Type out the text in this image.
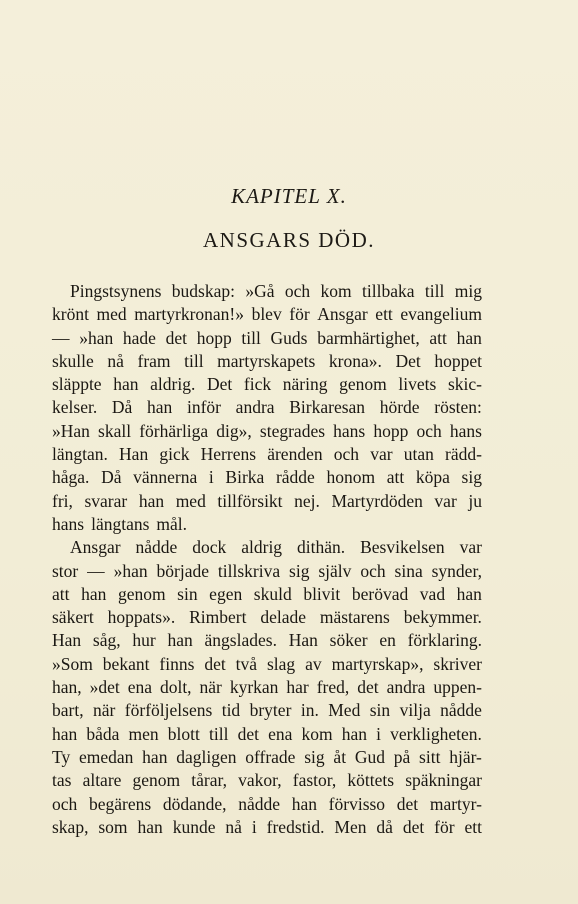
KAPITEL X.
ANSGARS DÖD.
Pingstsynens budskap: »Gå och kom tillbaka till mig
krönt med martyrkronan!» blev för Ansgar ett evangelium
— »han hade det hopp till Guds barmhärtighet, att han
skulle nå fram till martyrskapets krona». Det hoppet
släppte han aldrig. Det fick näring genom livets skic-
kelser. Då han inför andra Birkaresan hörde rösten:
»Han skall förhärliga dig», stegrades hans hopp och hans
längtan. Han gick Herrens ärenden och var utan rädd-
håga. Då vännerna i Birka rådde honom att köpa sig
fri, svarar han med tillförsikt nej. Martyrdöden var ju
hans längtans mål.
Ansgar nådde dock aldrig dithän. Besvikelsen var
stor — »han började tillskriva sig själv och sina synder,
att han genom sin egen skuld blivit berövad vad han
säkert hoppats». Rimbert delade mästarens bekymmer.
Han såg, hur han ängslades. Han söker en förklaring.
»Som bekant finns det två slag av martyrskap», skriver
han, »det ena dolt, när kyrkan har fred, det andra uppen-
bart, när förföljelsens tid bryter in. Med sin vilja nådde
han båda men blott till det ena kom han i verkligheten.
Ty emedan han dagligen offrade sig åt Gud på sitt hjär-
tas altare genom tårar, vakor, fastor, köttets späkningar
och begärens dödande, nådde han förvisso det martyr-
skap, som han kunde nå i fredstid. Men då det för ett
